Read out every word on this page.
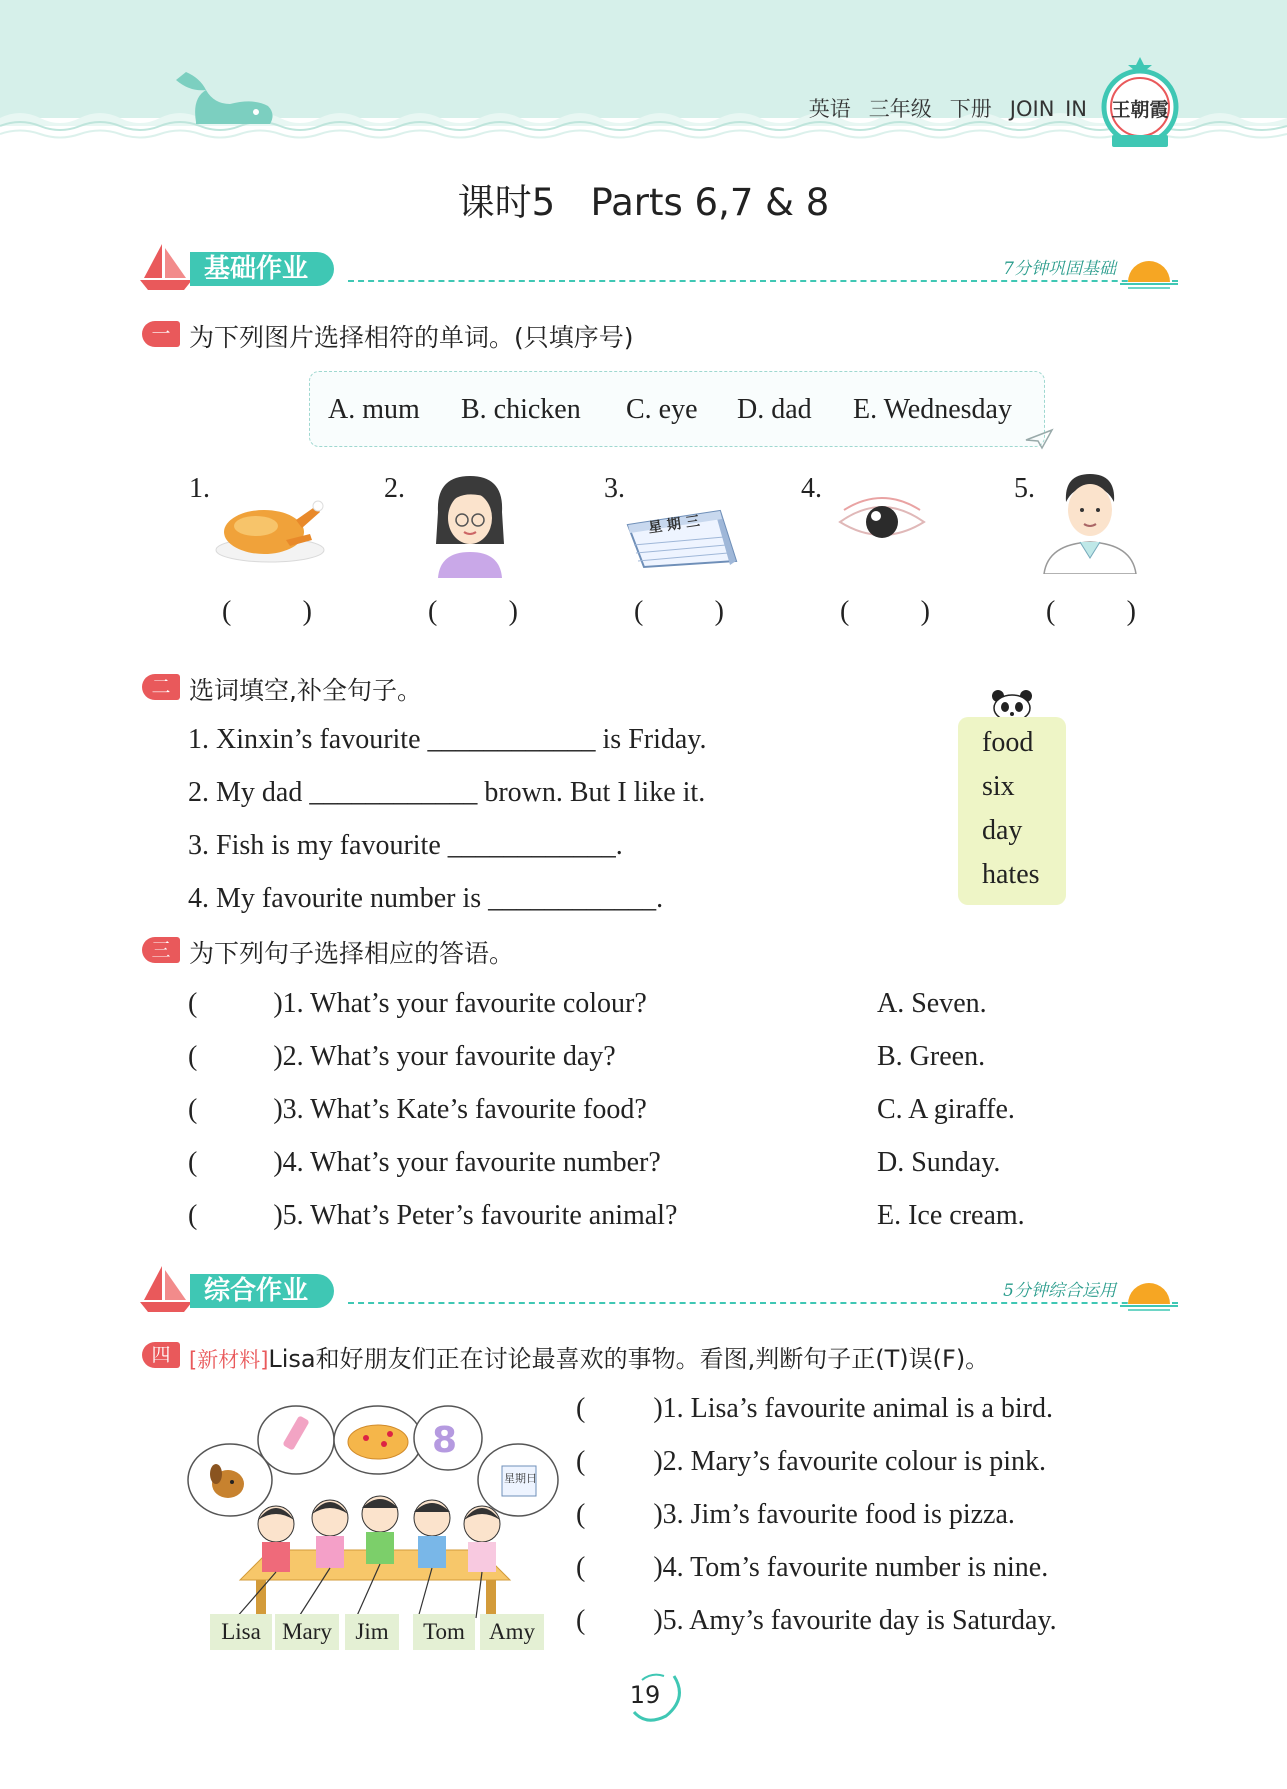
英语 三年级 下册 JOIN IN 王朝霞
课时5   Parts 6,7 & 8
基础作业	7分钟巩固基础
一 为下列图片选择相符的单词。(只填序号)
A. mum B. chicken C. eye D. dad E. Wednesday
1.	2.	3.	4.	5.
星 期 三
(	)	(	)	(	)	(	)	(	)
二 选词填空,补全句子。
1. Xinxin’s favourite ____________ is Friday.
2. My dad ____________ brown. But I like it.
3. Fish is my favourite ____________.
4. My favourite number is ____________.
food
six
day
hates
三 为下列句子选择相应的答语。
(	)1. What’s your favourite colour?
(	)2. What’s your favourite day?
(	)3. What’s Kate’s favourite food?
(	)4. What’s your favourite number?
(	)5. What’s Peter’s favourite animal?
A. Seven.
B. Green.
C. A giraffe.
D. Sunday.
E. Ice cream.
综合作业	5分钟综合运用
四 [新材料]Lisa和好朋友们正在讨论最喜欢的事物。看图,判断句子正(T)误(F)。
8
星期日
Lisa Mary	Jim	Tom	Amy
( )1. Lisa’s favourite animal is a bird.
( )2. Mary’s favourite colour is pink.
( )3. Jim’s favourite food is pizza.
( )4. Tom’s favourite number is nine.
( )5. Amy’s favourite day is Saturday.
19
